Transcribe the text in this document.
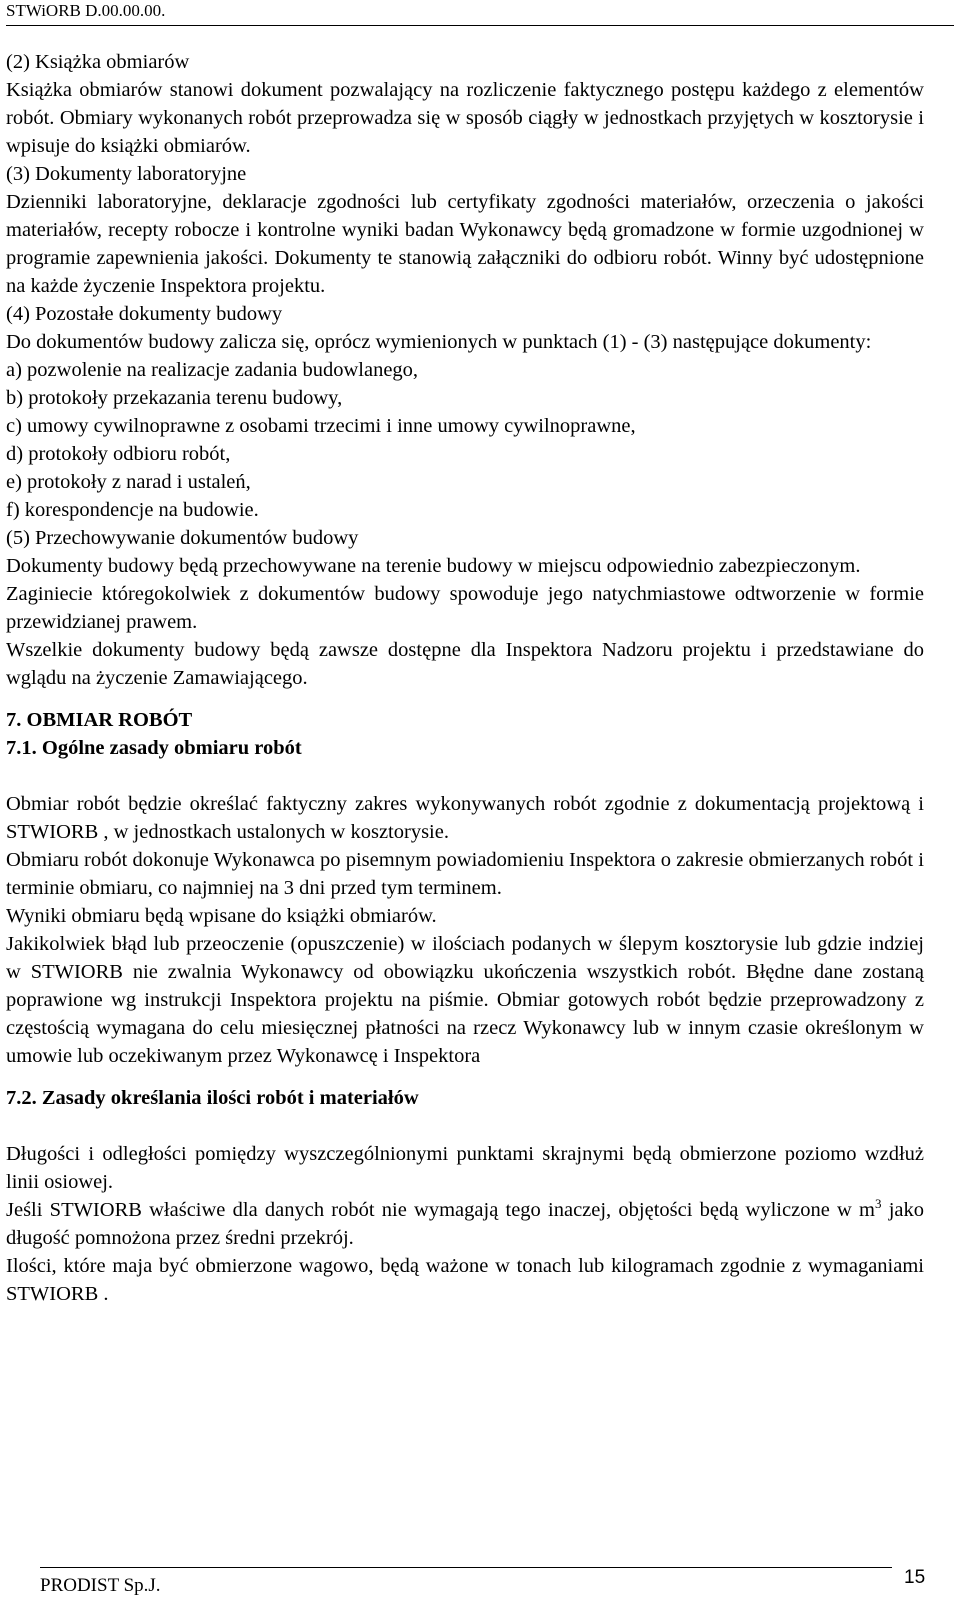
STWiORB D.00.00.00.

(2) Książka obmiarów

Książka obmiarów stanowi dokument pozwalający na rozliczenie faktycznego postępu każdego z elementów robót. Obmiary wykonanych robót przeprowadza się w sposób ciągły w jednostkach przyjętych w kosztorysie i wpisuje do książki obmiarów.

(3) Dokumenty laboratoryjne

Dzienniki laboratoryjne, deklaracje zgodności lub certyfikaty zgodności materiałów, orzeczenia o jakości materiałów, recepty robocze i kontrolne wyniki badan Wykonawcy będą gromadzone w formie uzgodnionej w programie zapewnienia jakości. Dokumenty te stanowią załączniki do odbioru robót. Winny być udostępnione na każde życzenie Inspektora projektu.

(4) Pozostałe dokumenty budowy

Do dokumentów budowy zalicza się, oprócz wymienionych w punktach (1) - (3) następujące dokumenty:

a) pozwolenie na realizacje zadania budowlanego,

b) protokoły przekazania terenu budowy,

c) umowy cywilnoprawne z osobami trzecimi i inne umowy cywilnoprawne,

d) protokoły odbioru robót,

e) protokoły z narad i ustaleń,

f) korespondencje na budowie.

(5) Przechowywanie dokumentów budowy

Dokumenty budowy będą przechowywane na terenie budowy w miejscu odpowiednio zabezpieczonym.

Zaginiecie któregokolwiek z dokumentów budowy spowoduje jego natychmiastowe odtworzenie w formie przewidzianej prawem.

Wszelkie dokumenty budowy będą zawsze dostępne dla Inspektora Nadzoru projektu i przedstawiane do wglądu na życzenie Zamawiającego.

7. OBMIAR ROBÓT
7.1. Ogólne zasady obmiaru robót

Obmiar robót będzie określać faktyczny zakres wykonywanych robót zgodnie z dokumentacją projektową i STWIORB , w jednostkach ustalonych w kosztorysie.

Obmiaru robót dokonuje Wykonawca po pisemnym powiadomieniu Inspektora o zakresie obmierzanych robót i terminie obmiaru, co najmniej na 3 dni przed tym terminem.

Wyniki obmiaru będą wpisane do książki obmiarów.

Jakikolwiek błąd lub przeoczenie (opuszczenie) w ilościach podanych w ślepym kosztorysie lub gdzie indziej w STWIORB nie zwalnia Wykonawcy od obowiązku ukończenia wszystkich robót. Błędne dane zostaną poprawione wg instrukcji Inspektora projektu na piśmie. Obmiar gotowych robót będzie przeprowadzony z częstością wymagana do celu miesięcznej płatności na rzecz Wykonawcy lub w innym czasie określonym w umowie lub oczekiwanym przez Wykonawcę i Inspektora

7.2. Zasady określania ilości robót i materiałów

Długości i odległości pomiędzy wyszczególnionymi punktami skrajnymi będą obmierzone poziomo wzdłuż linii osiowej.

Jeśli STWIORB właściwe dla danych robót nie wymagają tego inaczej, objętości będą wyliczone w $m^3$ jako długość pomnożona przez średni przekrój.

Ilości, które maja być obmierzone wagowo, będą ważone w tonach lub kilogramach zgodnie z wymaganiami STWIORB .

PRODIST Sp.J.	15
